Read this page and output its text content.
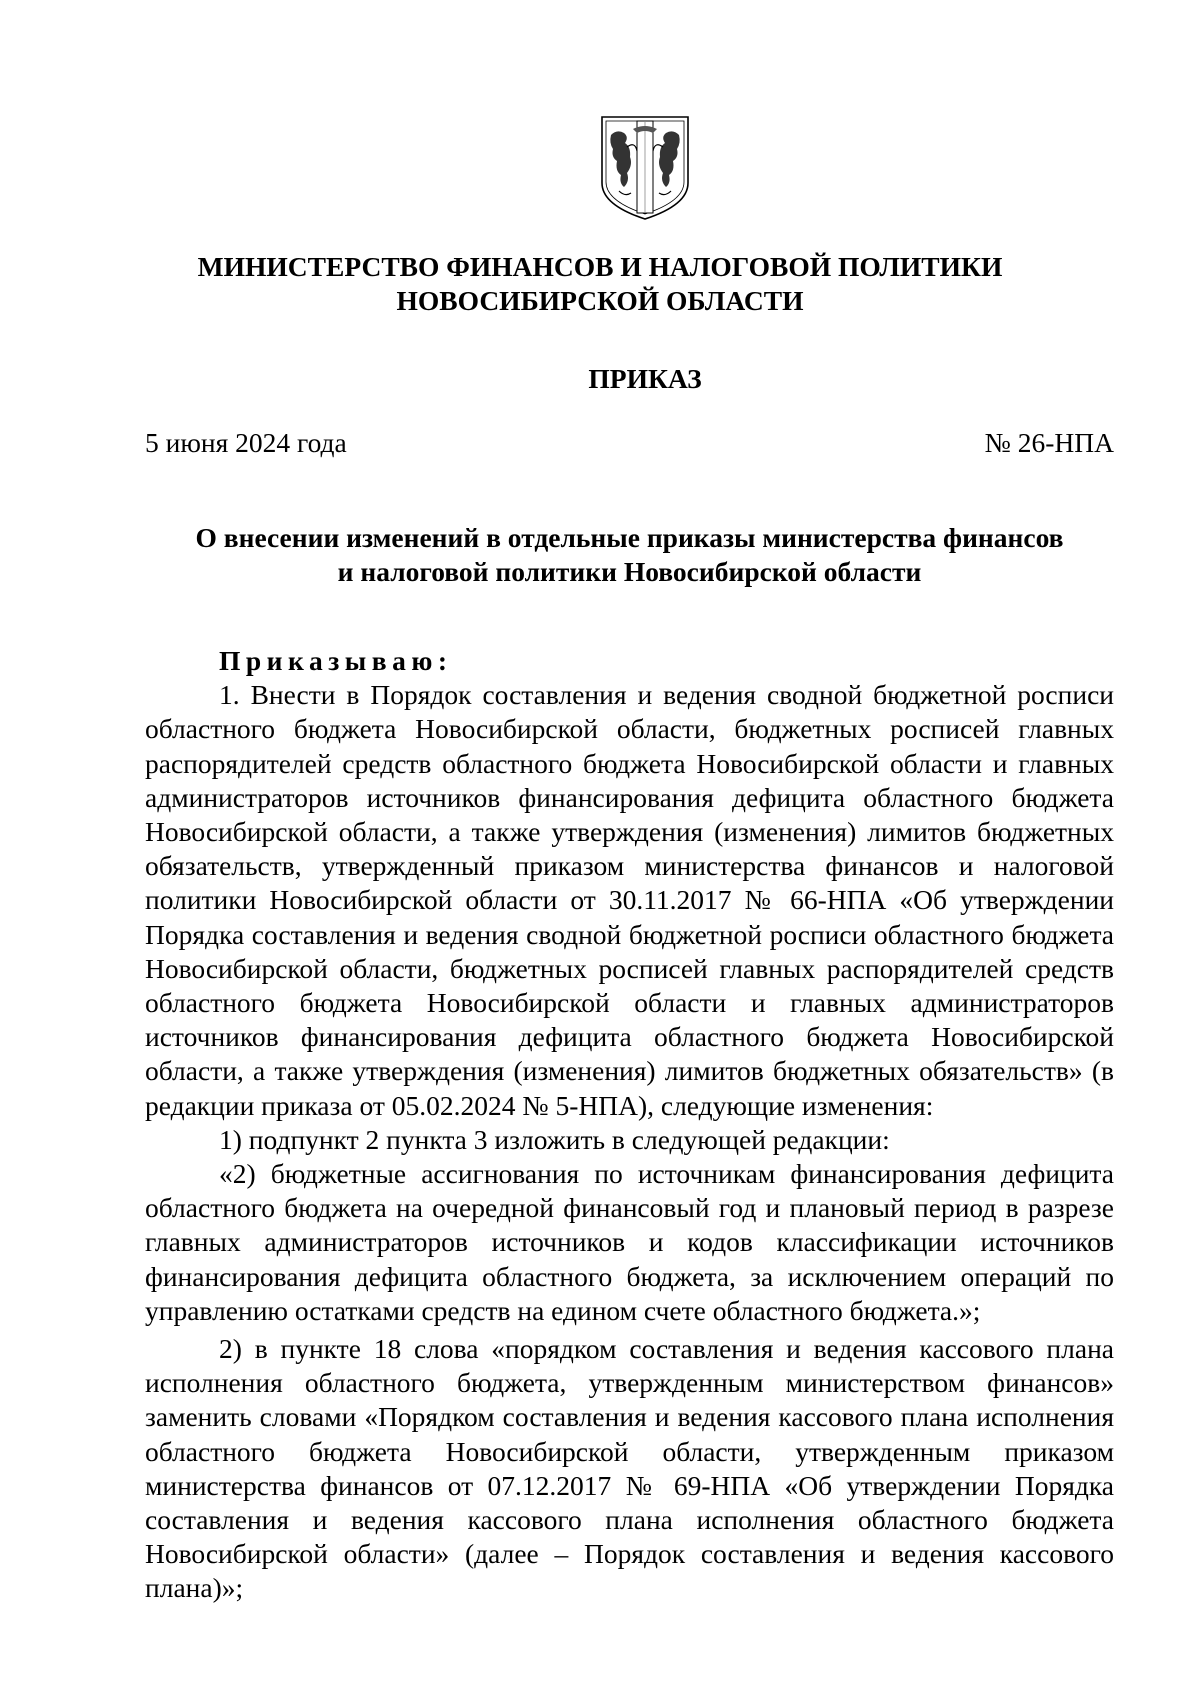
МИНИСТЕРСТВО ФИНАНСОВ И НАЛОГОВОЙ ПОЛИТИКИ
НОВОСИБИРСКОЙ ОБЛАСТИ
ПРИКАЗ
5 июня 2024 года	№ 26-НПА
О внесении изменений в отдельные приказы министерства финансов
и налоговой политики Новосибирской области
Приказываю:

1. Внести в Порядок составления и ведения сводной бюджетной росписи областного бюджета Новосибирской области, бюджетных росписей главных распорядителей средств областного бюджета Новосибирской области и главных администраторов источников финансирования дефицита областного бюджета Новосибирской области, а также утверждения (изменения) лимитов бюджетных обязательств, утвержденный приказом министерства финансов и налоговой политики Новосибирской области от 30.11.2017 № 66-НПА «Об утверждении Порядка составления и ведения сводной бюджетной росписи областного бюджета Новосибирской области, бюджетных росписей главных распорядителей средств областного бюджета Новосибирской области и главных администраторов источников финансирования дефицита областного бюджета Новосибирской области, а также утверждения (изменения) лимитов бюджетных обязательств» (в редакции приказа от 05.02.2024 № 5-НПА), следующие изменения:

1) подпункт 2 пункта 3 изложить в следующей редакции:

«2) бюджетные ассигнования по источникам финансирования дефицита областного бюджета на очередной финансовый год и плановый период в разрезе главных администраторов источников и кодов классификации источников финансирования дефицита областного бюджета, за исключением операций по управлению остатками средств на едином счете областного бюджета.»;

2) в пункте 18 слова «порядком составления и ведения кассового плана исполнения областного бюджета, утвержденным министерством финансов» заменить словами «Порядком составления и ведения кассового плана исполнения областного бюджета Новосибирской области, утвержденным приказом министерства финансов от 07.12.2017 № 69-НПА «Об утверждении Порядка составления и ведения кассового плана исполнения областного бюджета Новосибирской области» (далее – Порядок составления и ведения кассового плана)»;
